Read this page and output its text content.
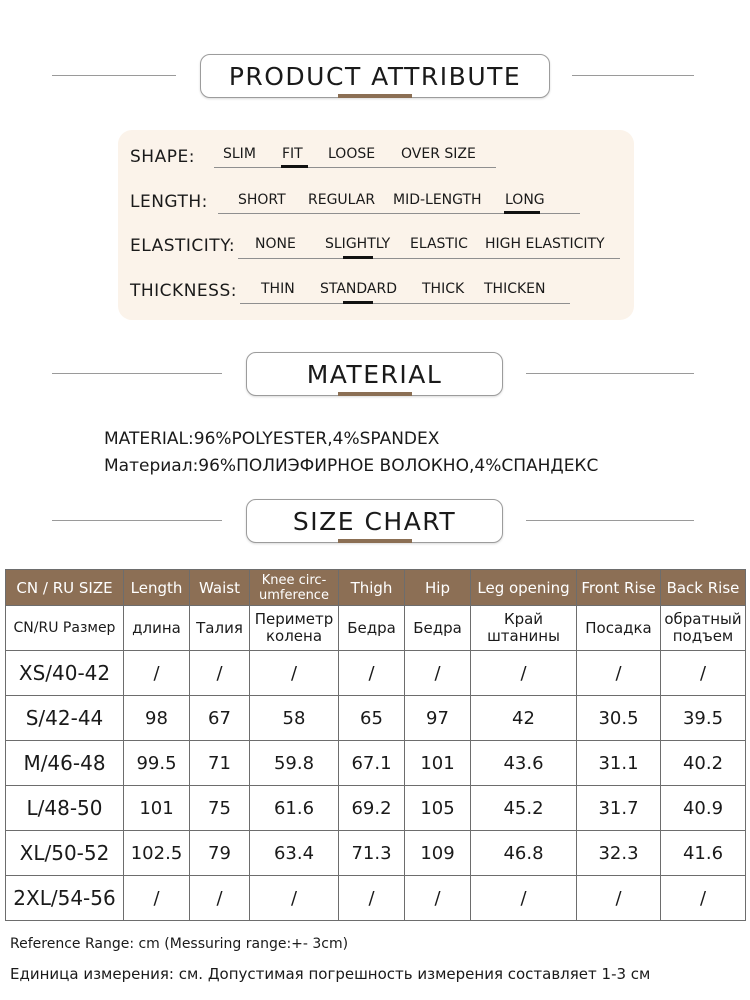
PRODUCT ATTRIBUTE
SHAPE: SLIM FIT LOOSE OVER SIZE
LENGTH: SHORT REGULAR MID-LENGTH LONG
ELASTICITY: NONE SLIGHTLY ELASTIC HIGH ELASTICITY
THICKNESS: THIN STANDARD THICK THICKEN
MATERIAL
MATERIAL:96%POLYESTER,4%SPANDEX
Материал:96%ПОЛИЭФИРНОЕ ВОЛОКНО,4%СПАНДЕКС
SIZE CHART
CN / RU SIZE	Length	Waist	Knee circ-umference	Thigh	Hip	Leg opening	Front Rise	Back Rise
CN/RU Размер	длина	Талия	Периметр колена	Бедра	Бедра	Край штанины	Посадка	обратный подъем
XS/40-42	/	/	/	/	/	/	/	/
S/42-44	98	67	58	65	97	42	30.5	39.5
M/46-48	99.5	71	59.8	67.1	101	43.6	31.1	40.2
L/48-50	101	75	61.6	69.2	105	45.2	31.7	40.9
XL/50-52	102.5	79	63.4	71.3	109	46.8	32.3	41.6
2XL/54-56	/	/	/	/	/	/	/	/
Reference Range: cm (Messuring range:+- 3cm)
Единица измерения: см. Допустимая погрешность измерения составляет 1-3 см
